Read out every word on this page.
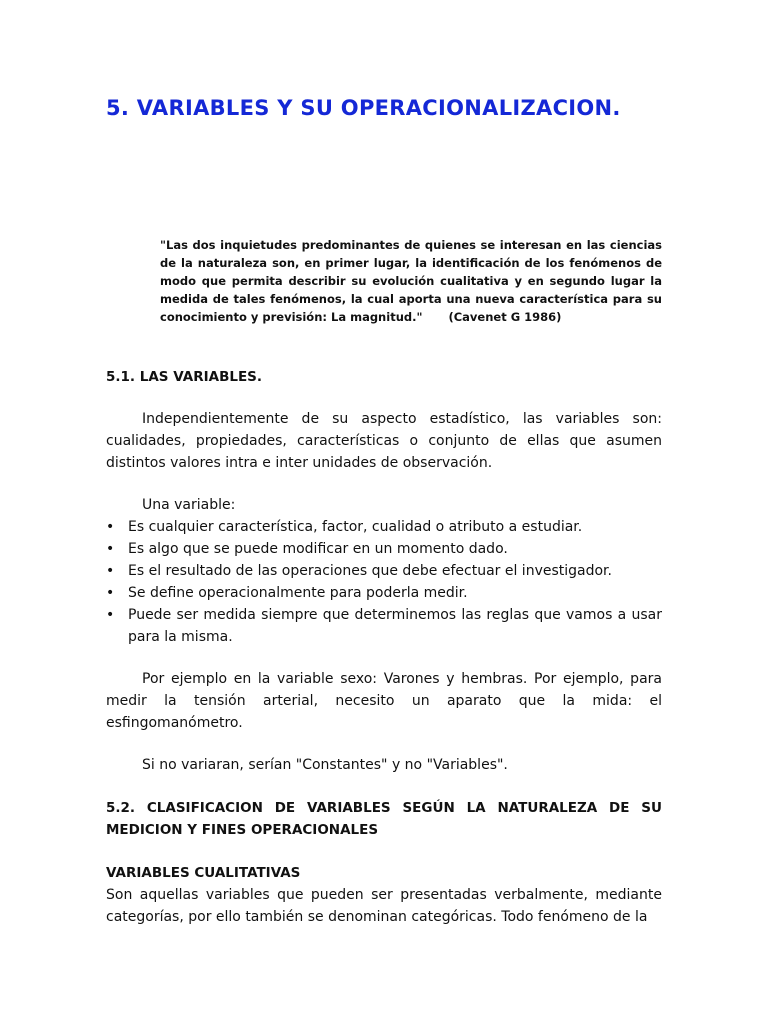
5. VARIABLES Y SU OPERACIONALIZACION.

"Las dos inquietudes predominantes de quienes se interesan en las ciencias de la naturaleza son, en primer lugar, la identificación de los fenómenos de modo que permita describir su evolución cualitativa y en segundo lugar la medida de tales fenómenos, la cual aporta una nueva característica para su conocimiento y previsión: La magnitud." (Cavenet G 1986)

5.1. LAS VARIABLES.

Independientemente de su aspecto estadístico, las variables son: cualidades, propiedades, características o conjunto de ellas que asumen distintos valores intra e inter unidades de observación.

Una variable:

• Es cualquier característica, factor, cualidad o atributo a estudiar.
• Es algo que se puede modificar en un momento dado.
• Es el resultado de las operaciones que debe efectuar el investigador.
• Se define operacionalmente para poderla medir.
• Puede ser medida siempre que determinemos las reglas que vamos a usar para la misma.

Por ejemplo en la variable sexo: Varones y hembras. Por ejemplo, para medir la tensión arterial, necesito un aparato que la mida: el esfingomanómetro.

Si no variaran, serían "Constantes" y no "Variables".

5.2. CLASIFICACION DE VARIABLES SEGÚN LA NATURALEZA DE SU MEDICION Y FINES OPERACIONALES
VARIABLES CUALITATIVAS

Son aquellas variables que pueden ser presentadas verbalmente, mediante categorías, por ello también se denominan categóricas. Todo fenómeno de la
